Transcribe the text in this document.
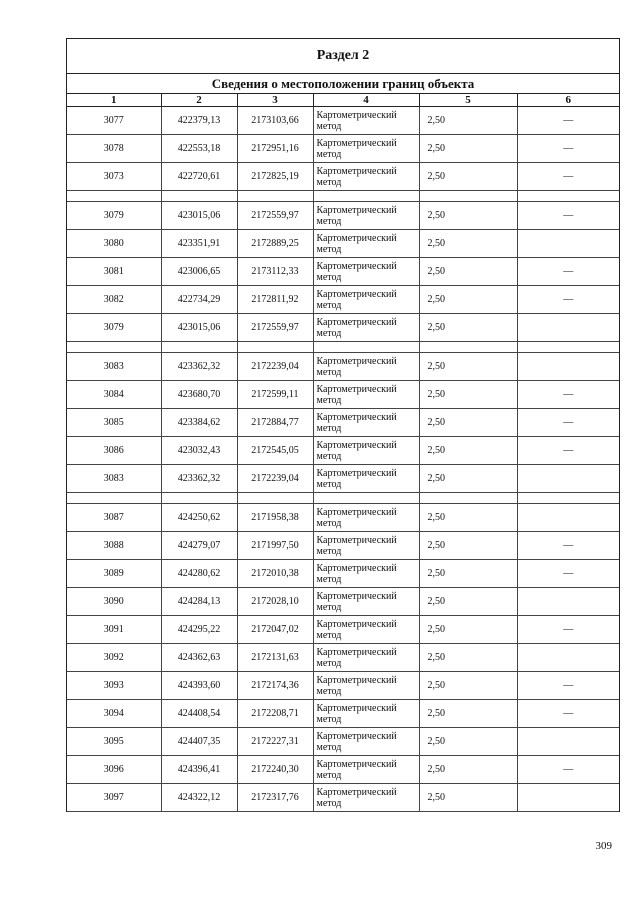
Раздел 2
Сведения о местоположении границ объекта
1	2	3	4	5	6
3077	422379,13	2173103,66	Картометрический метод	2,50	—
3078	422553,18	2172951,16	Картометрический метод	2,50	—
3073	422720,61	2172825,19	Картометрический метод	2,50	—

3079	423015,06	2172559,97	Картометрический метод	2,50	—
3080	423351,91	2172889,25	Картометрический метод	2,50	
3081	423006,65	2173112,33	Картометрический метод	2,50	—
3082	422734,29	2172811,92	Картометрический метод	2,50	—
3079	423015,06	2172559,97	Картометрический метод	2,50	

3083	423362,32	2172239,04	Картометрический метод	2,50	
3084	423680,70	2172599,11	Картометрический метод	2,50	—
3085	423384,62	2172884,77	Картометрический метод	2,50	—
3086	423032,43	2172545,05	Картометрический метод	2,50	—
3083	423362,32	2172239,04	Картометрический метод	2,50	

3087	424250,62	2171958,38	Картометрический метод	2,50	
3088	424279,07	2171997,50	Картометрический метод	2,50	—
3089	424280,62	2172010,38	Картометрический метод	2,50	—
3090	424284,13	2172028,10	Картометрический метод	2,50	
3091	424295,22	2172047,02	Картометрический метод	2,50	—
3092	424362,63	2172131,63	Картометрический метод	2,50	
3093	424393,60	2172174,36	Картометрический метод	2,50	—
3094	424408,54	2172208,71	Картометрический метод	2,50	—
3095	424407,35	2172227,31	Картометрический метод	2,50	
3096	424396,41	2172240,30	Картометрический метод	2,50	—
3097	424322,12	2172317,76	Картометрический метод	2,50	
309
